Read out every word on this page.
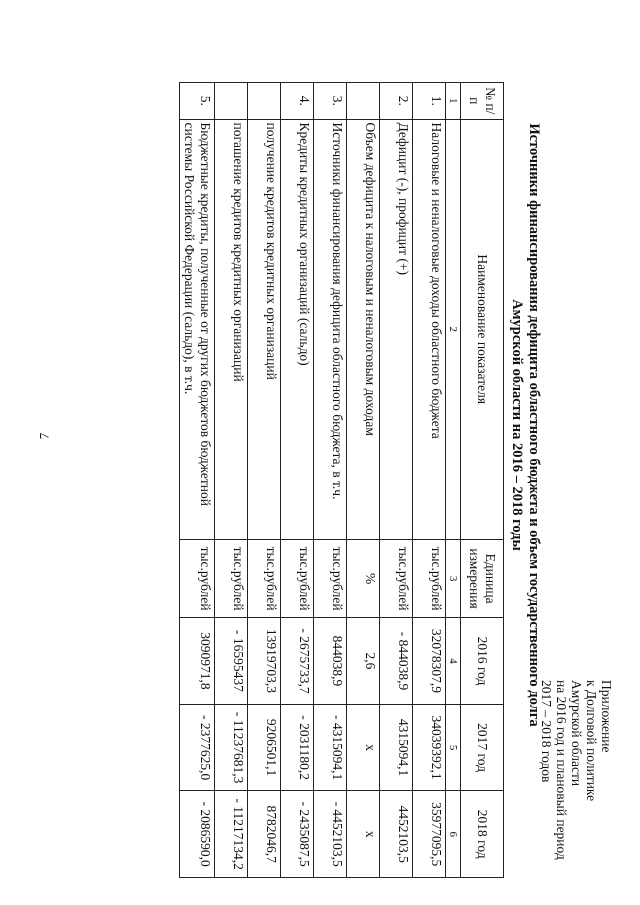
7
Приложение
к Долговой политике
Амурской области
на 2016 год и плановый период
2017 – 2018 годов
Источники финансирования дефицита областного бюджета и объем государственного долга
Амурской области на 2016 – 2018 годы
№ п/п	Наименование показателя	Единица измерения	2016 год	2017 год	2018 год
1	2	3	4	5	6
1.	Налоговые и неналоговые доходы областного бюджета	тыс.рублей	32078307,9	34039392,1	35977095,5
2.	Дефицит (-), профицит (+)	тыс.рублей	- 844038,9	4315094,1	4452103,5
	Объем дефицита к налоговым и неналоговым доходам	%	2,6	х	х
3.	Источники финансирования дефицита областного бюджета, в т.ч.	тыс.рублей	844038,9	- 4315094,1	- 4452103,5
4.	Кредиты кредитных организаций (сальдо)	тыс.рублей	- 2675733,7	- 2031180,2	- 2435087,5
	получение кредитов кредитных организаций	тыс.рублей	13919703,3	9206501,1	8782046,7
	погашение кредитов кредитных организаций	тыс.рублей	- 16595437	- 11237681,3	- 11217134,2
5.	Бюджетные кредиты, полученные от других бюджетов бюджетной системы Российской Федерации (сальдо), в т.ч.	тыс.рублей	3090971,8	- 2377625,0	- 2086590,0
